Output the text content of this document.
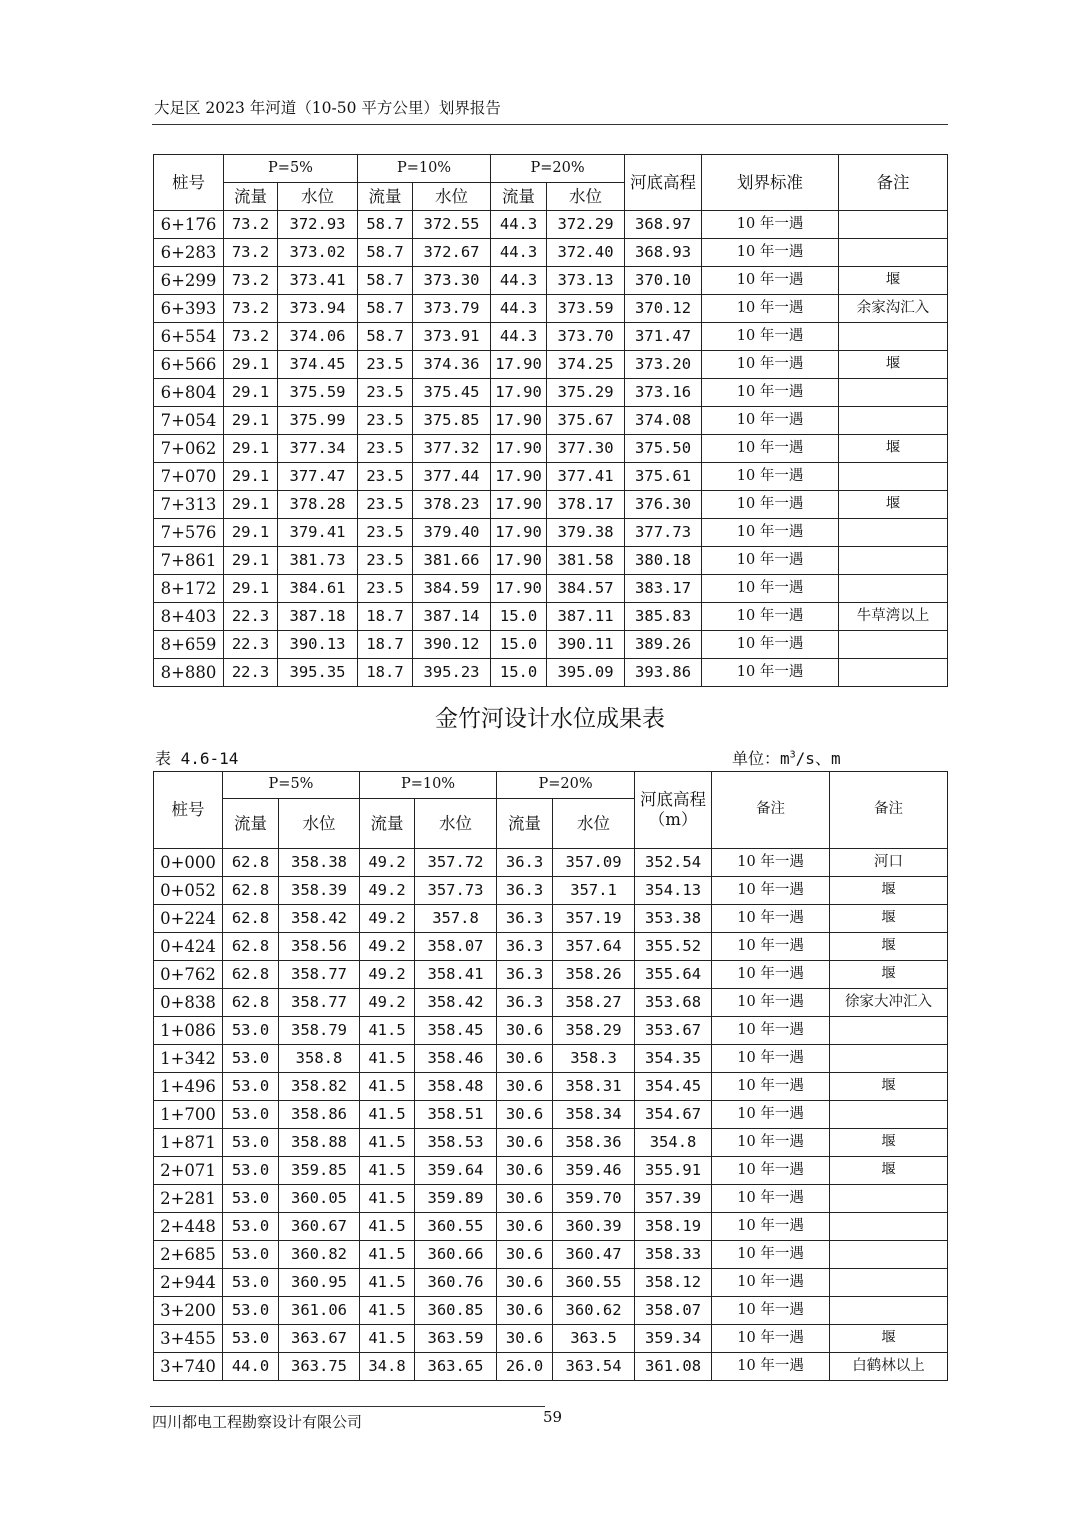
大足区 2023 年河道（10-50 平方公里）划界报告
桩号	P=5%		P=10%		P=20%		河底高程	划界标准	备注
	流量	水位	流量	水位	流量	水位			
6+176	73.2	372.93	58.7	372.55	44.3	372.29	368.97	10 年一遇	
6+283	73.2	373.02	58.7	372.67	44.3	372.40	368.93	10 年一遇	
6+299	73.2	373.41	58.7	373.30	44.3	373.13	370.10	10 年一遇	堰
6+393	73.2	373.94	58.7	373.79	44.3	373.59	370.12	10 年一遇	余家沟汇入
6+554	73.2	374.06	58.7	373.91	44.3	373.70	371.47	10 年一遇	
6+566	29.1	374.45	23.5	374.36	17.90	374.25	373.20	10 年一遇	堰
6+804	29.1	375.59	23.5	375.45	17.90	375.29	373.16	10 年一遇	
7+054	29.1	375.99	23.5	375.85	17.90	375.67	374.08	10 年一遇	
7+062	29.1	377.34	23.5	377.32	17.90	377.30	375.50	10 年一遇	堰
7+070	29.1	377.47	23.5	377.44	17.90	377.41	375.61	10 年一遇	
7+313	29.1	378.28	23.5	378.23	17.90	378.17	376.30	10 年一遇	堰
7+576	29.1	379.41	23.5	379.40	17.90	379.38	377.73	10 年一遇	
7+861	29.1	381.73	23.5	381.66	17.90	381.58	380.18	10 年一遇	
8+172	29.1	384.61	23.5	384.59	17.90	384.57	383.17	10 年一遇	
8+403	22.3	387.18	18.7	387.14	15.0	387.11	385.83	10 年一遇	牛草湾以上
8+659	22.3	390.13	18.7	390.12	15.0	390.11	389.26	10 年一遇	
8+880	22.3	395.35	18.7	395.23	15.0	395.09	393.86	10 年一遇	
金竹河设计水位成果表
表 4.6-14	单位：$m^3/s$、m
桩号	P=5%		P=10%		P=20%		河底高程（m）	备注	备注
	流量	水位	流量	水位	流量	水位			
0+000	62.8	358.38	49.2	357.72	36.3	357.09	352.54	10 年一遇	河口
0+052	62.8	358.39	49.2	357.73	36.3	357.1	354.13	10 年一遇	堰
0+224	62.8	358.42	49.2	357.8	36.3	357.19	353.38	10 年一遇	堰
0+424	62.8	358.56	49.2	358.07	36.3	357.64	355.52	10 年一遇	堰
0+762	62.8	358.77	49.2	358.41	36.3	358.26	355.64	10 年一遇	堰
0+838	62.8	358.77	49.2	358.42	36.3	358.27	353.68	10 年一遇	徐家大冲汇入
1+086	53.0	358.79	41.5	358.45	30.6	358.29	353.67	10 年一遇	
1+342	53.0	358.8	41.5	358.46	30.6	358.3	354.35	10 年一遇	
1+496	53.0	358.82	41.5	358.48	30.6	358.31	354.45	10 年一遇	堰
1+700	53.0	358.86	41.5	358.51	30.6	358.34	354.67	10 年一遇	
1+871	53.0	358.88	41.5	358.53	30.6	358.36	354.8	10 年一遇	堰
2+071	53.0	359.85	41.5	359.64	30.6	359.46	355.91	10 年一遇	堰
2+281	53.0	360.05	41.5	359.89	30.6	359.70	357.39	10 年一遇	
2+448	53.0	360.67	41.5	360.55	30.6	360.39	358.19	10 年一遇	
2+685	53.0	360.82	41.5	360.66	30.6	360.47	358.33	10 年一遇	
2+944	53.0	360.95	41.5	360.76	30.6	360.55	358.12	10 年一遇	
3+200	53.0	361.06	41.5	360.85	30.6	360.62	358.07	10 年一遇	
3+455	53.0	363.67	41.5	363.59	30.6	363.5	359.34	10 年一遇	堰
3+740	44.0	363.75	34.8	363.65	26.0	363.54	361.08	10 年一遇	白鹤林以上
四川都电工程勘察设计有限公司	59
